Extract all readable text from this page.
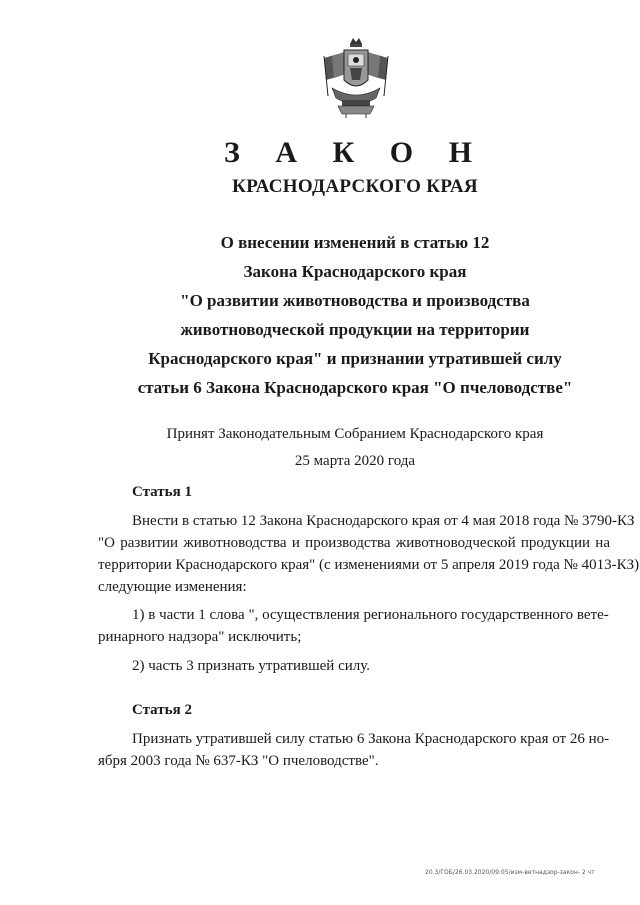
З А К О Н
КРАСНОДАРСКОГО КРАЯ
О внесении изменений в статью 12
Закона Краснодарского края
"О развитии животноводства и производства
животноводческой продукции на территории
Краснодарского края" и признании утратившей силу
статьи 6 Закона Краснодарского края "О пчеловодстве"
Принят Законодательным Собранием Краснодарского края
25 марта 2020 года
Статья 1
Внести в статью 12 Закона Краснодарского края от 4 мая 2018 года № 3790-КЗ
"О развитии животноводства и производства животноводческой продукции на
территории Краснодарского края" (с изменениями от 5 апреля 2019 года № 4013-КЗ)
следующие изменения:
1) в части 1 слова ", осуществления регионального государственного вете-
ринарного надзора" исключить;
2) часть 3 признать утратившей силу.
Статья 2
Признать утратившей силу статью 6 Закона Краснодарского края от 26 но-
ября 2003 года № 637-КЗ "О пчеловодстве".
20.3/ГОБ/26.03.2020/09:05/изм-ветнадзор-закон- 2 чт
